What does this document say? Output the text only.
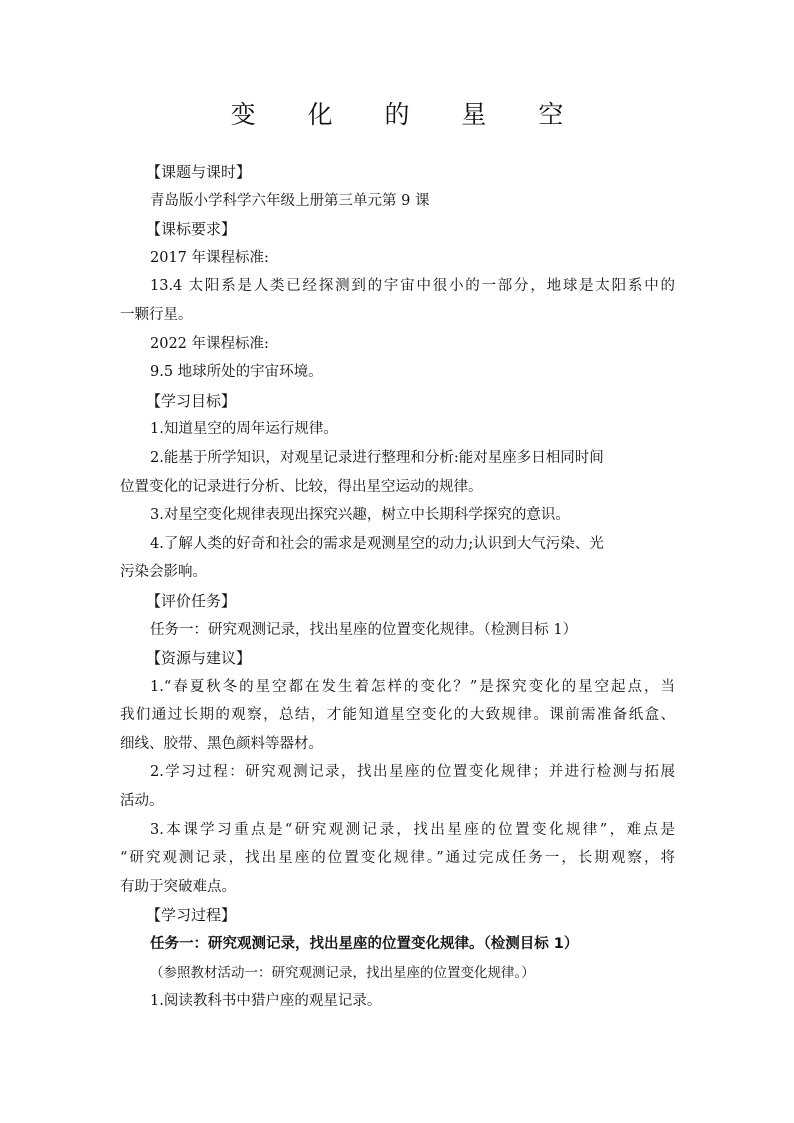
变 化 的 星 空
【课题与课时】
青岛版小学科学六年级上册第三单元第 9 课
【课标要求】
2017 年课程标准:
13.4 太阳系是人类已经探测到的宇宙中很小的一部分，地球是太阳系中的
一颗行星。
2022 年课程标准:
9.5 地球所处的宇宙环境。
【学习目标】
1.知道星空的周年运行规律。
2.能基于所学知识，对观星记录进行整理和分析:能对星座多日相同时间
位置变化的记录进行分析、比较，得出星空运动的规律。
3.对星空变化规律表现出探究兴趣，树立中长期科学探究的意识。
4.了解人类的好奇和社会的需求是观测星空的动力;认识到大气污染、光
污染会影响。
【评价任务】
任务一：研究观测记录，找出星座的位置变化规律。（检测目标 1）
【资源与建议】
1.“春夏秋冬的星空都在发生着怎样的变化？”是探究变化的星空起点，当
我们通过长期的观察，总结，才能知道星空变化的大致规律。课前需准备纸盒、
细线、胶带、黑色颜料等器材。
2.学习过程：研究观测记录，找出星座的位置变化规律；并进行检测与拓展
活动。
3.本课学习重点是“研究观测记录，找出星座的位置变化规律”，难点是
“研究观测记录，找出星座的位置变化规律。”通过完成任务一，长期观察，将
有助于突破难点。
【学习过程】
任务一：研究观测记录，找出星座的位置变化规律。（检测目标 1）
（参照教材活动一：研究观测记录，找出星座的位置变化规律。）
1.阅读教科书中猎户座的观星记录。
